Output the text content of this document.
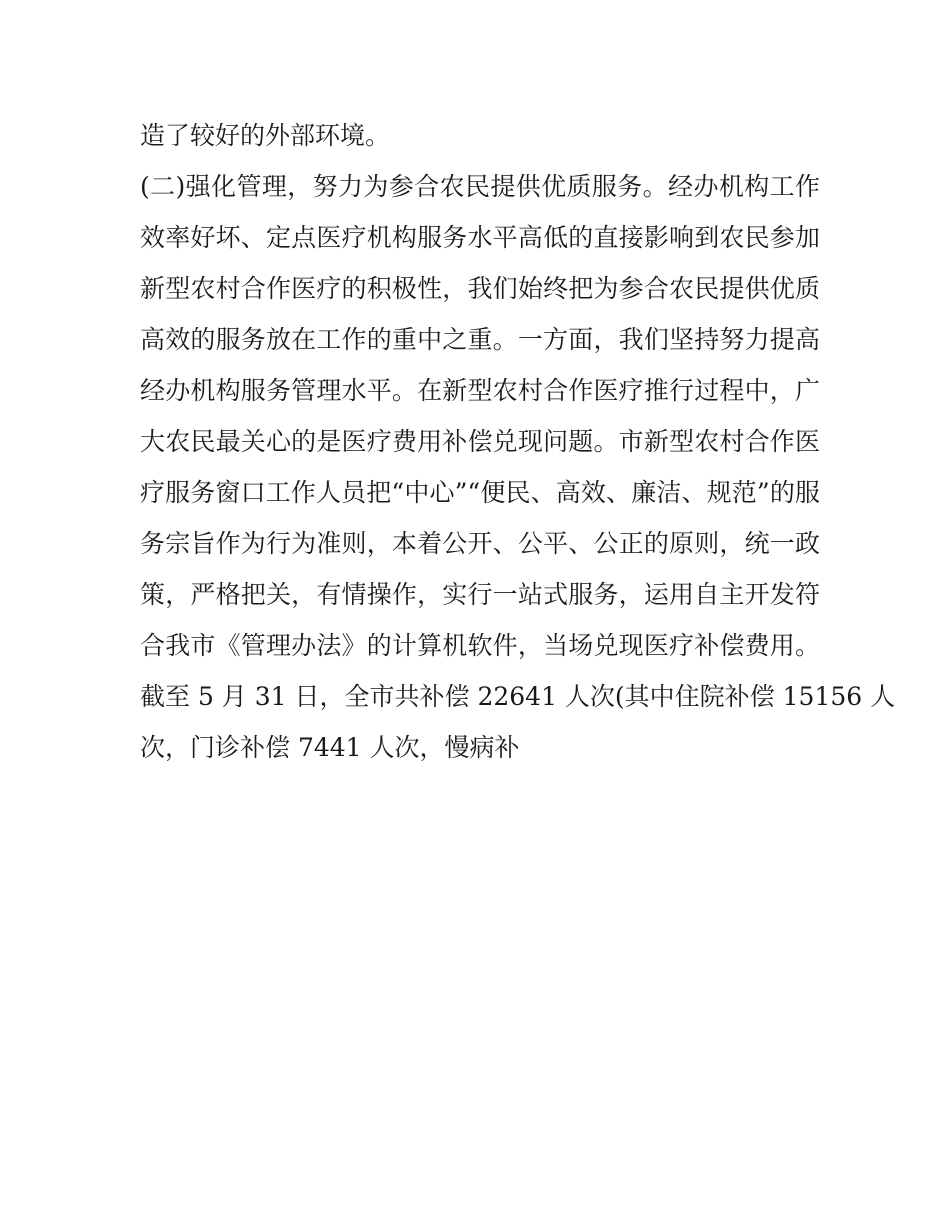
造了较好的外部环境。
(二)强化管理，努力为参合农民提供优质服务。经办机构工作
效率好坏、定点医疗机构服务水平高低的直接影响到农民参加
新型农村合作医疗的积极性，我们始终把为参合农民提供优质
高效的服务放在工作的重中之重。一方面，我们坚持努力提高
经办机构服务管理水平。在新型农村合作医疗推行过程中，广
大农民最关心的是医疗费用补偿兑现问题。市新型农村合作医
疗服务窗口工作人员把“中心”“便民、高效、廉洁、规范”的服
务宗旨作为行为准则，本着公开、公平、公正的原则，统一政
策，严格把关，有情操作，实行一站式服务，运用自主开发符
合我市《管理办法》的计算机软件，当场兑现医疗补偿费用。
截至 5 月 31 日，全市共补偿 22641 人次(其中住院补偿 15156 人
次，门诊补偿 7441 人次，慢病补
